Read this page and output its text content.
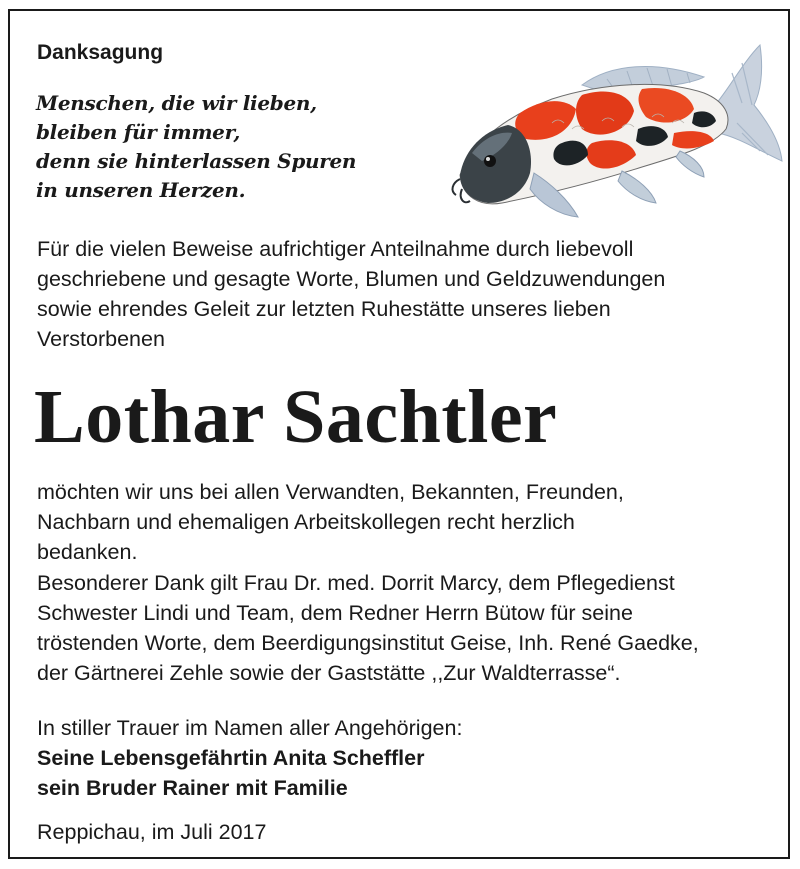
Danksagung

Menschen, die wir lieben,
bleiben für immer,
denn sie hinterlassen Spuren
in unseren Herzen.

Für die vielen Beweise aufrichtiger Anteilnahme durch liebevoll
geschriebene und gesagte Worte, Blumen und Geldzuwendungen
sowie ehrendes Geleit zur letzten Ruhestätte unseres lieben
Verstorbenen

Lothar Sachtler

möchten wir uns bei allen Verwandten, Bekannten, Freunden,
Nachbarn und ehemaligen Arbeitskollegen recht herzlich
bedanken.

Besonderer Dank gilt Frau Dr. med. Dorrit Marcy, dem Pflegedienst
Schwester Lindi und Team, dem Redner Herrn Bütow für seine
tröstenden Worte, dem Beerdigungsinstitut Geise, Inh. René Gaedke,
der Gärtnerei Zehle sowie der Gaststätte ,,Zur Waldterrasse“.

In stiller Trauer im Namen aller Angehörigen:
Seine Lebensgefährtin Anita Scheffler
sein Bruder Rainer mit Familie

Reppichau, im Juli 2017
